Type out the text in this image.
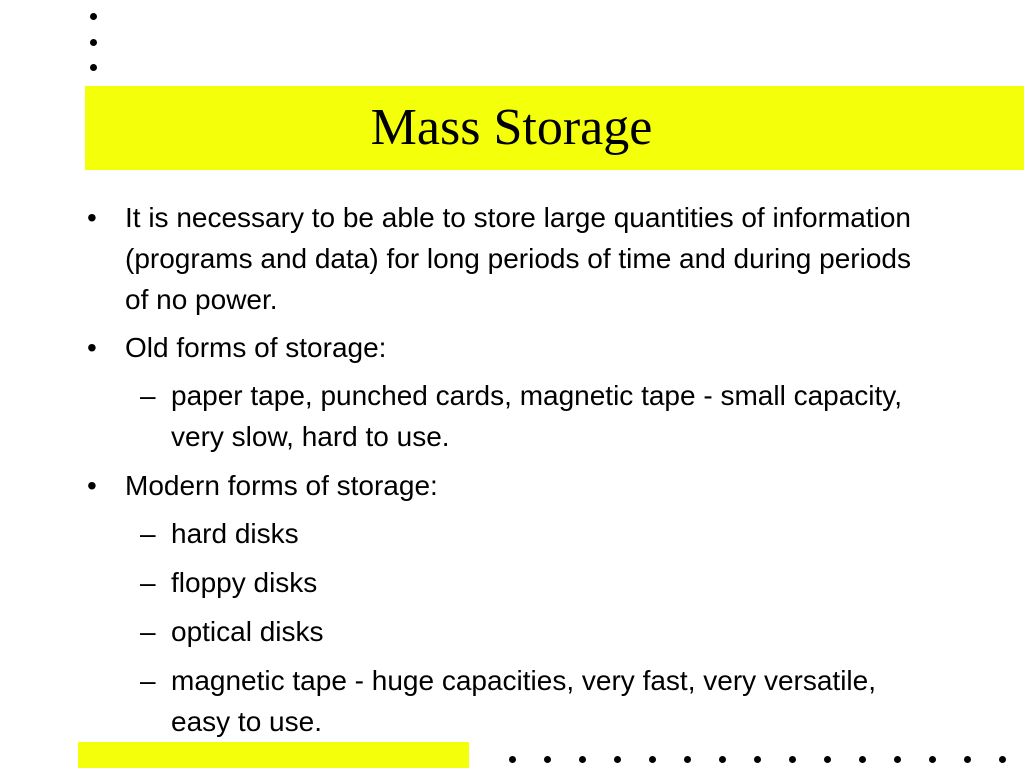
Mass Storage
• It is necessary to be able to store large quantities of information (programs and data) for long periods of time and during periods of no power.
• Old forms of storage:
– paper tape, punched cards, magnetic tape - small capacity, very slow, hard to use.
• Modern forms of storage:
– hard disks
– floppy disks
– optical disks
– magnetic tape - huge capacities, very fast, very versatile, easy to use.
